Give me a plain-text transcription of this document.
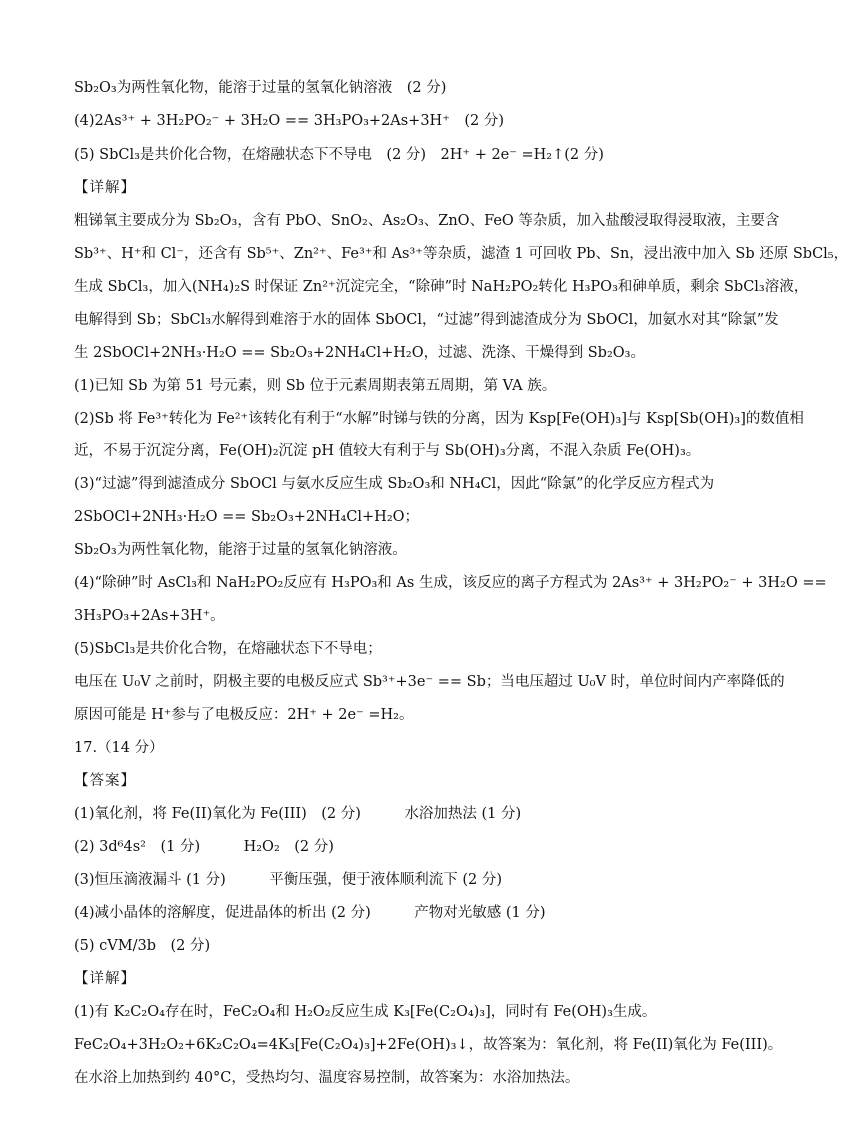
Sb₂O₃为两性氧化物，能溶于过量的氢氧化钠溶液　(2 分)
(4)2As³⁺ + 3H₂PO₂⁻ + 3H₂O == 3H₃PO₃+2As+3H⁺　(2 分)
(5) SbCl₃是共价化合物，在熔融状态下不导电　(2 分)　2H⁺ + 2e⁻ =H₂↑(2 分)
【详解】
粗锑氧主要成分为 Sb₂O₃，含有 PbO、SnO₂、As₂O₃、ZnO、FeO 等杂质，加入盐酸浸取得浸取液，主要含
Sb³⁺、H⁺和 Cl⁻，还含有 Sb⁵⁺、Zn²⁺、Fe³⁺和 As³⁺等杂质，滤渣 1 可回收 Pb、Sn，浸出液中加入 Sb 还原 SbCl₅，
生成 SbCl₃，加入(NH₄)₂S 时保证 Zn²⁺沉淀完全，“除砷”时 NaH₂PO₂转化 H₃PO₃和砷单质，剩余 SbCl₃溶液，
电解得到 Sb；SbCl₃水解得到难溶于水的固体 SbOCl，“过滤”得到滤渣成分为 SbOCl，加氨水对其“除氯”发
生 2SbOCl+2NH₃·H₂O == Sb₂O₃+2NH₄Cl+H₂O，过滤、洗涤、干燥得到 Sb₂O₃。
(1)已知 Sb 为第 51 号元素，则 Sb 位于元素周期表第五周期，第 VA 族。
(2)Sb 将 Fe³⁺转化为 Fe²⁺该转化有利于“水解”时锑与铁的分离，因为 Ksp[Fe(OH)₃]与 Ksp[Sb(OH)₃]的数值相
近，不易于沉淀分离，Fe(OH)₂沉淀 pH 值较大有利于与 Sb(OH)₃分离，不混入杂质 Fe(OH)₃。
(3)“过滤”得到滤渣成分 SbOCl 与氨水反应生成 Sb₂O₃和 NH₄Cl，因此“除氯”的化学反应方程式为
2SbOCl+2NH₃·H₂O == Sb₂O₃+2NH₄Cl+H₂O；
Sb₂O₃为两性氧化物，能溶于过量的氢氧化钠溶液。
(4)“除砷”时 AsCl₃和 NaH₂PO₂反应有 H₃PO₃和 As 生成，该反应的离子方程式为 2As³⁺ + 3H₂PO₂⁻ + 3H₂O ==
3H₃PO₃+2As+3H⁺。
(5)SbCl₃是共价化合物，在熔融状态下不导电；
电压在 U₀V 之前时，阴极主要的电极反应式 Sb³⁺+3e⁻ == Sb；当电压超过 U₀V 时，单位时间内产率降低的
原因可能是 H⁺参与了电极反应：2H⁺ + 2e⁻ =H₂。
17.（14 分）
【答案】
(1)氧化剂，将 Fe(II)氧化为 Fe(III)　(2 分)　　　水浴加热法 (1 分)
(2) 3d⁶4s²　(1 分)　　　H₂O₂　(2 分)
(3)恒压滴液漏斗 (1 分)　　　平衡压强，便于液体顺利流下 (2 分)
(4)减小晶体的溶解度，促进晶体的析出 (2 分)　　　产物对光敏感 (1 分)
(5) cVM/3b　(2 分)
【详解】
(1)有 K₂C₂O₄存在时，FeC₂O₄和 H₂O₂反应生成 K₃[Fe(C₂O₄)₃]，同时有 Fe(OH)₃生成。
FeC₂O₄+3H₂O₂+6K₂C₂O₄=4K₃[Fe(C₂O₄)₃]+2Fe(OH)₃↓，故答案为：氧化剂，将 Fe(II)氧化为 Fe(III)。
在水浴上加热到约 40°C，受热均匀、温度容易控制，故答案为：水浴加热法。
